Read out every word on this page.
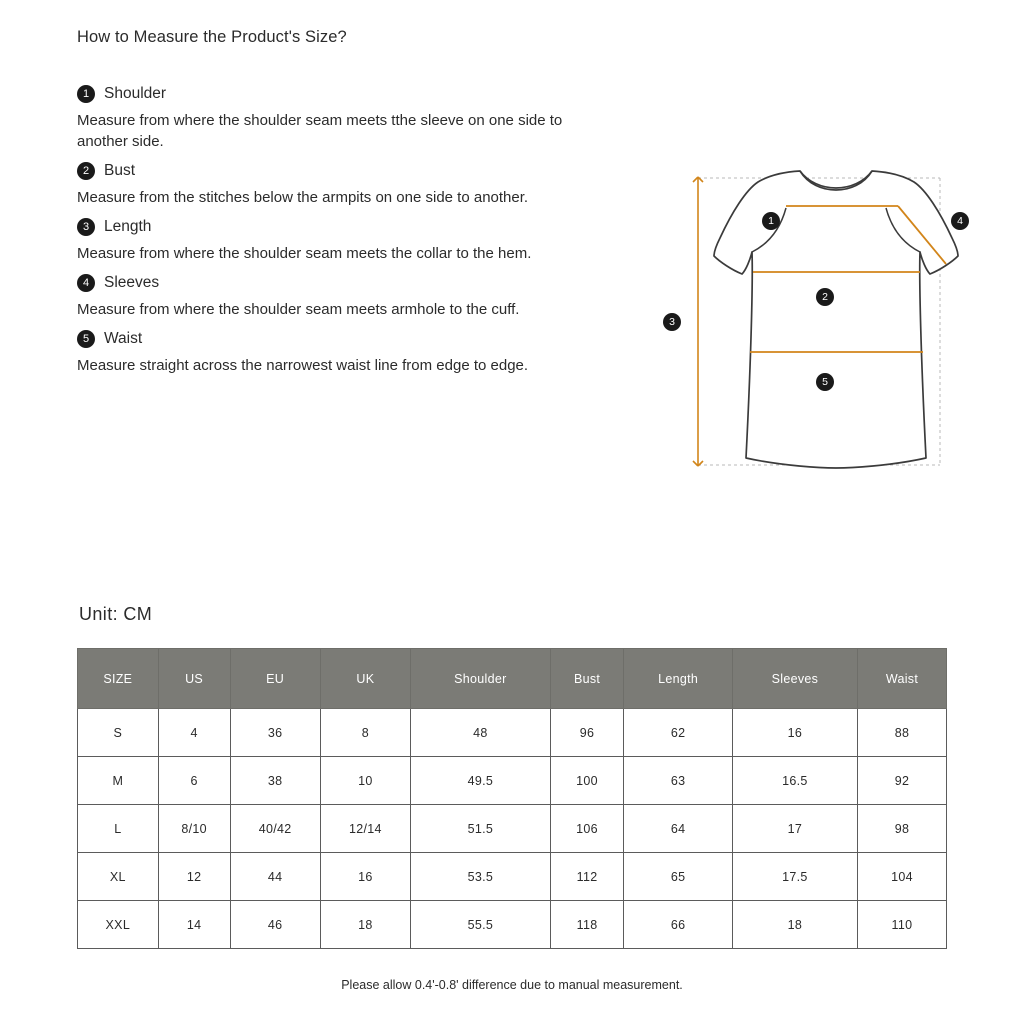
How to Measure the Product's Size?
1 Shoulder

Measure from where the shoulder seam meets tthe sleeve on one side to another side.

2 Bust

Measure from the stitches below the armpits on one side to another.

3 Length

Measure from where the shoulder seam meets the collar to the hem.

4 Sleeves

Measure from where the shoulder seam meets armhole to the cuff.

5 Waist

Measure straight across the narrowest waist line from edge to edge.

Unit: CM
1
2
3
4
5
SIZE	US	EU	UK	Shoulder	Bust	Length	Sleeves	Waist
S	4	36	8	48	96	62	16	88
M	6	38	10	49.5	100	63	16.5	92
L	8/10	40/42	12/14	51.5	106	64	17	98
XL	12	44	16	53.5	112	65	17.5	104
XXL	14	46	18	55.5	118	66	18	110
Please allow 0.4'-0.8' difference due to manual measurement.
